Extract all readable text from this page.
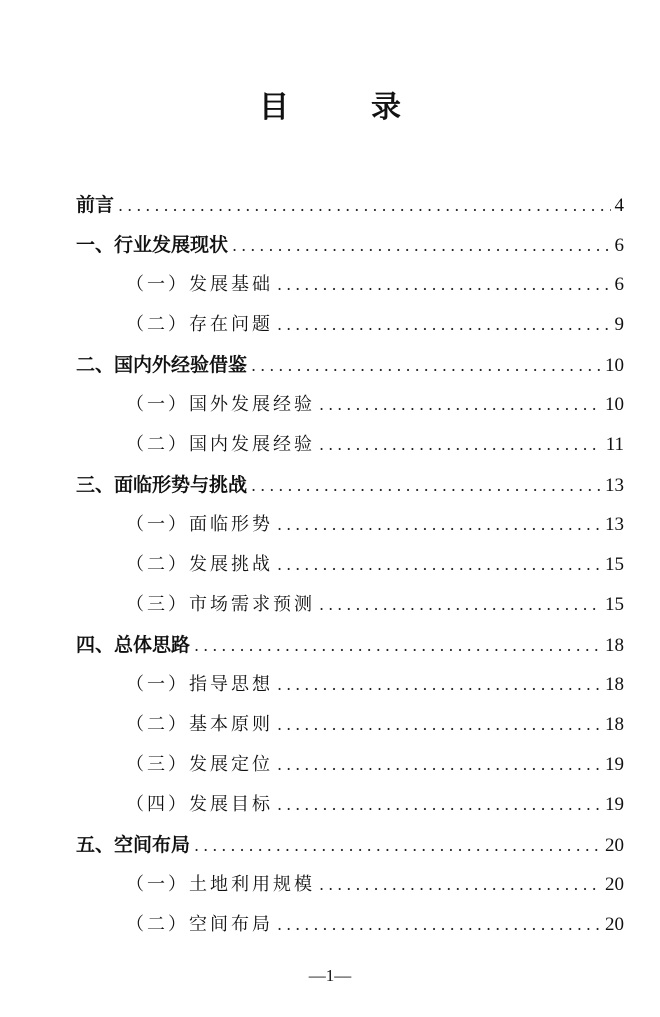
目　录
前言 .....	4
一、行业发展现状 .....	6
（一）发展基础 .....	6
（二）存在问题 .....	9
二、国内外经验借鉴 .....	10
（一）国外发展经验 .....	10
（二）国内发展经验 .....	11
三、面临形势与挑战 .....	13
（一）面临形势 .....	13
（二）发展挑战 .....	15
（三）市场需求预测 .....	15
四、总体思路 .....	18
（一）指导思想 .....	18
（二）基本原则 .....	18
（三）发展定位 .....	19
（四）发展目标 .....	19
五、空间布局 .....	20
（一）土地利用规模 .....	20
（二）空间布局 .....	20
—1—
